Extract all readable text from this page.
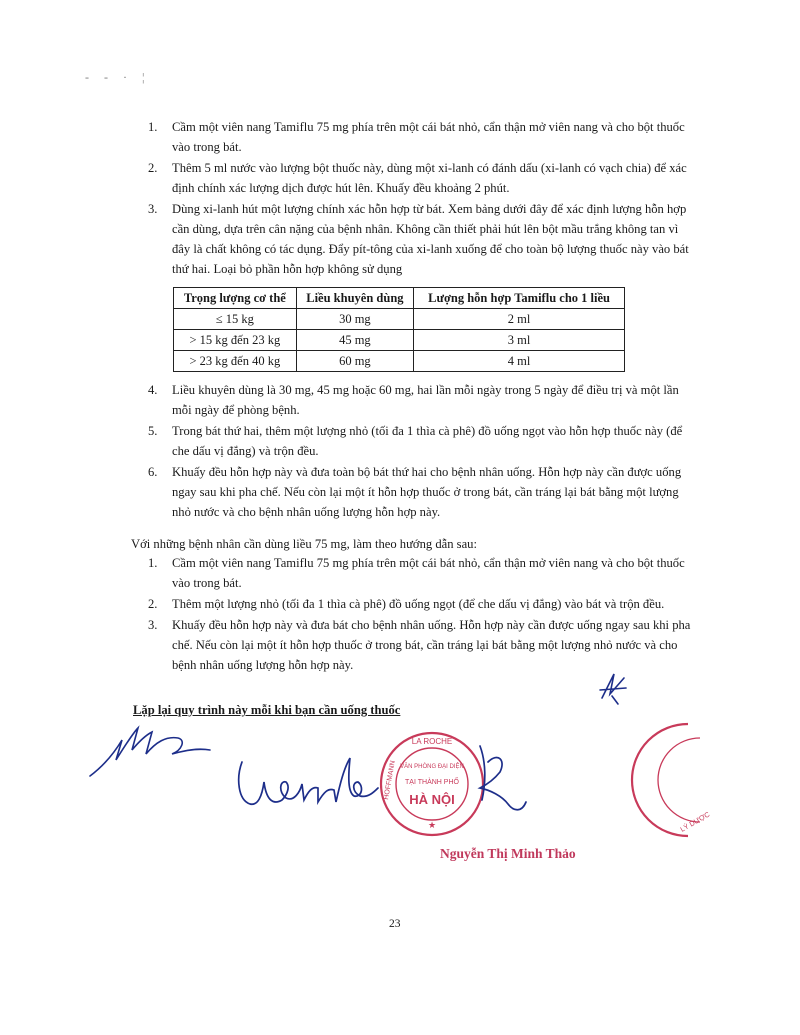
- - · ¦
1. Cầm một viên nang Tamiflu 75 mg phía trên một cái bát nhỏ, cẩn thận mở viên nang và cho bột thuốc vào trong bát.
2. Thêm 5 ml nước vào lượng bột thuốc này, dùng một xi-lanh có đánh dấu (xi-lanh có vạch chia) để xác định chính xác lượng dịch được hút lên. Khuấy đều khoảng 2 phút.
3. Dùng xi-lanh hút một lượng chính xác hỗn hợp từ bát. Xem bảng dưới đây để xác định lượng hỗn hợp cần dùng, dựa trên cân nặng của bệnh nhân. Không cần thiết phải hút lên bột mầu trắng không tan vì đây là chất không có tác dụng. Đẩy pít-tông của xi-lanh xuống để cho toàn bộ lượng thuốc này vào bát thứ hai. Loại bỏ phần hỗn hợp không sử dụng
Trọng lượng cơ thể	Liều khuyên dùng	Lượng hỗn hợp Tamiflu cho 1 liều
≤ 15 kg	30 mg	2 ml
> 15 kg đến 23 kg	45 mg	3 ml
> 23 kg đến 40 kg	60 mg	4 ml
4. Liều khuyên dùng là 30 mg, 45 mg hoặc 60 mg, hai lần mỗi ngày trong 5 ngày để điều trị và một lần mỗi ngày để phòng bệnh.
5. Trong bát thứ hai, thêm một lượng nhỏ (tối đa 1 thìa cà phê) đồ uống ngọt vào hỗn hợp thuốc này (để che dấu vị đắng) và trộn đều.
6. Khuấy đều hỗn hợp này và đưa toàn bộ bát thứ hai cho bệnh nhân uống. Hỗn hợp này cần được uống ngay sau khi pha chế. Nếu còn lại một ít hỗn hợp thuốc ở trong bát, cần tráng lại bát bằng một lượng nhỏ nước và cho bệnh nhân uống lượng hỗn hợp này.
Với những bệnh nhân cần dùng liều 75 mg, làm theo hướng dẫn sau:
1. Cầm một viên nang Tamiflu 75 mg phía trên một cái bát nhỏ, cẩn thận mở viên nang và cho bột thuốc vào trong bát.
2. Thêm một lượng nhỏ (tối đa 1 thìa cà phê) đồ uống ngọt (để che dấu vị đắng) vào bát và trộn đều.
3. Khuấy đều hỗn hợp này và đưa bát cho bệnh nhân uống. Hỗn hợp này cần được uống ngay sau khi pha chế. Nếu còn lại một ít hỗn hợp thuốc ở trong bát, cần tráng lại bát bằng một lượng nhỏ nước và cho bệnh nhân uống lượng hỗn hợp này.
Lặp lại quy trình này mỗi khi bạn cần uống thuốc
LA ROCHE
HOFFMANN VĂN PHÒNG ĐẠI DIỆN
TẠI THÀNH PHỐ
HÀ NỘI
★	LÝ DƯỢC
Nguyễn Thị Minh Thảo
23
